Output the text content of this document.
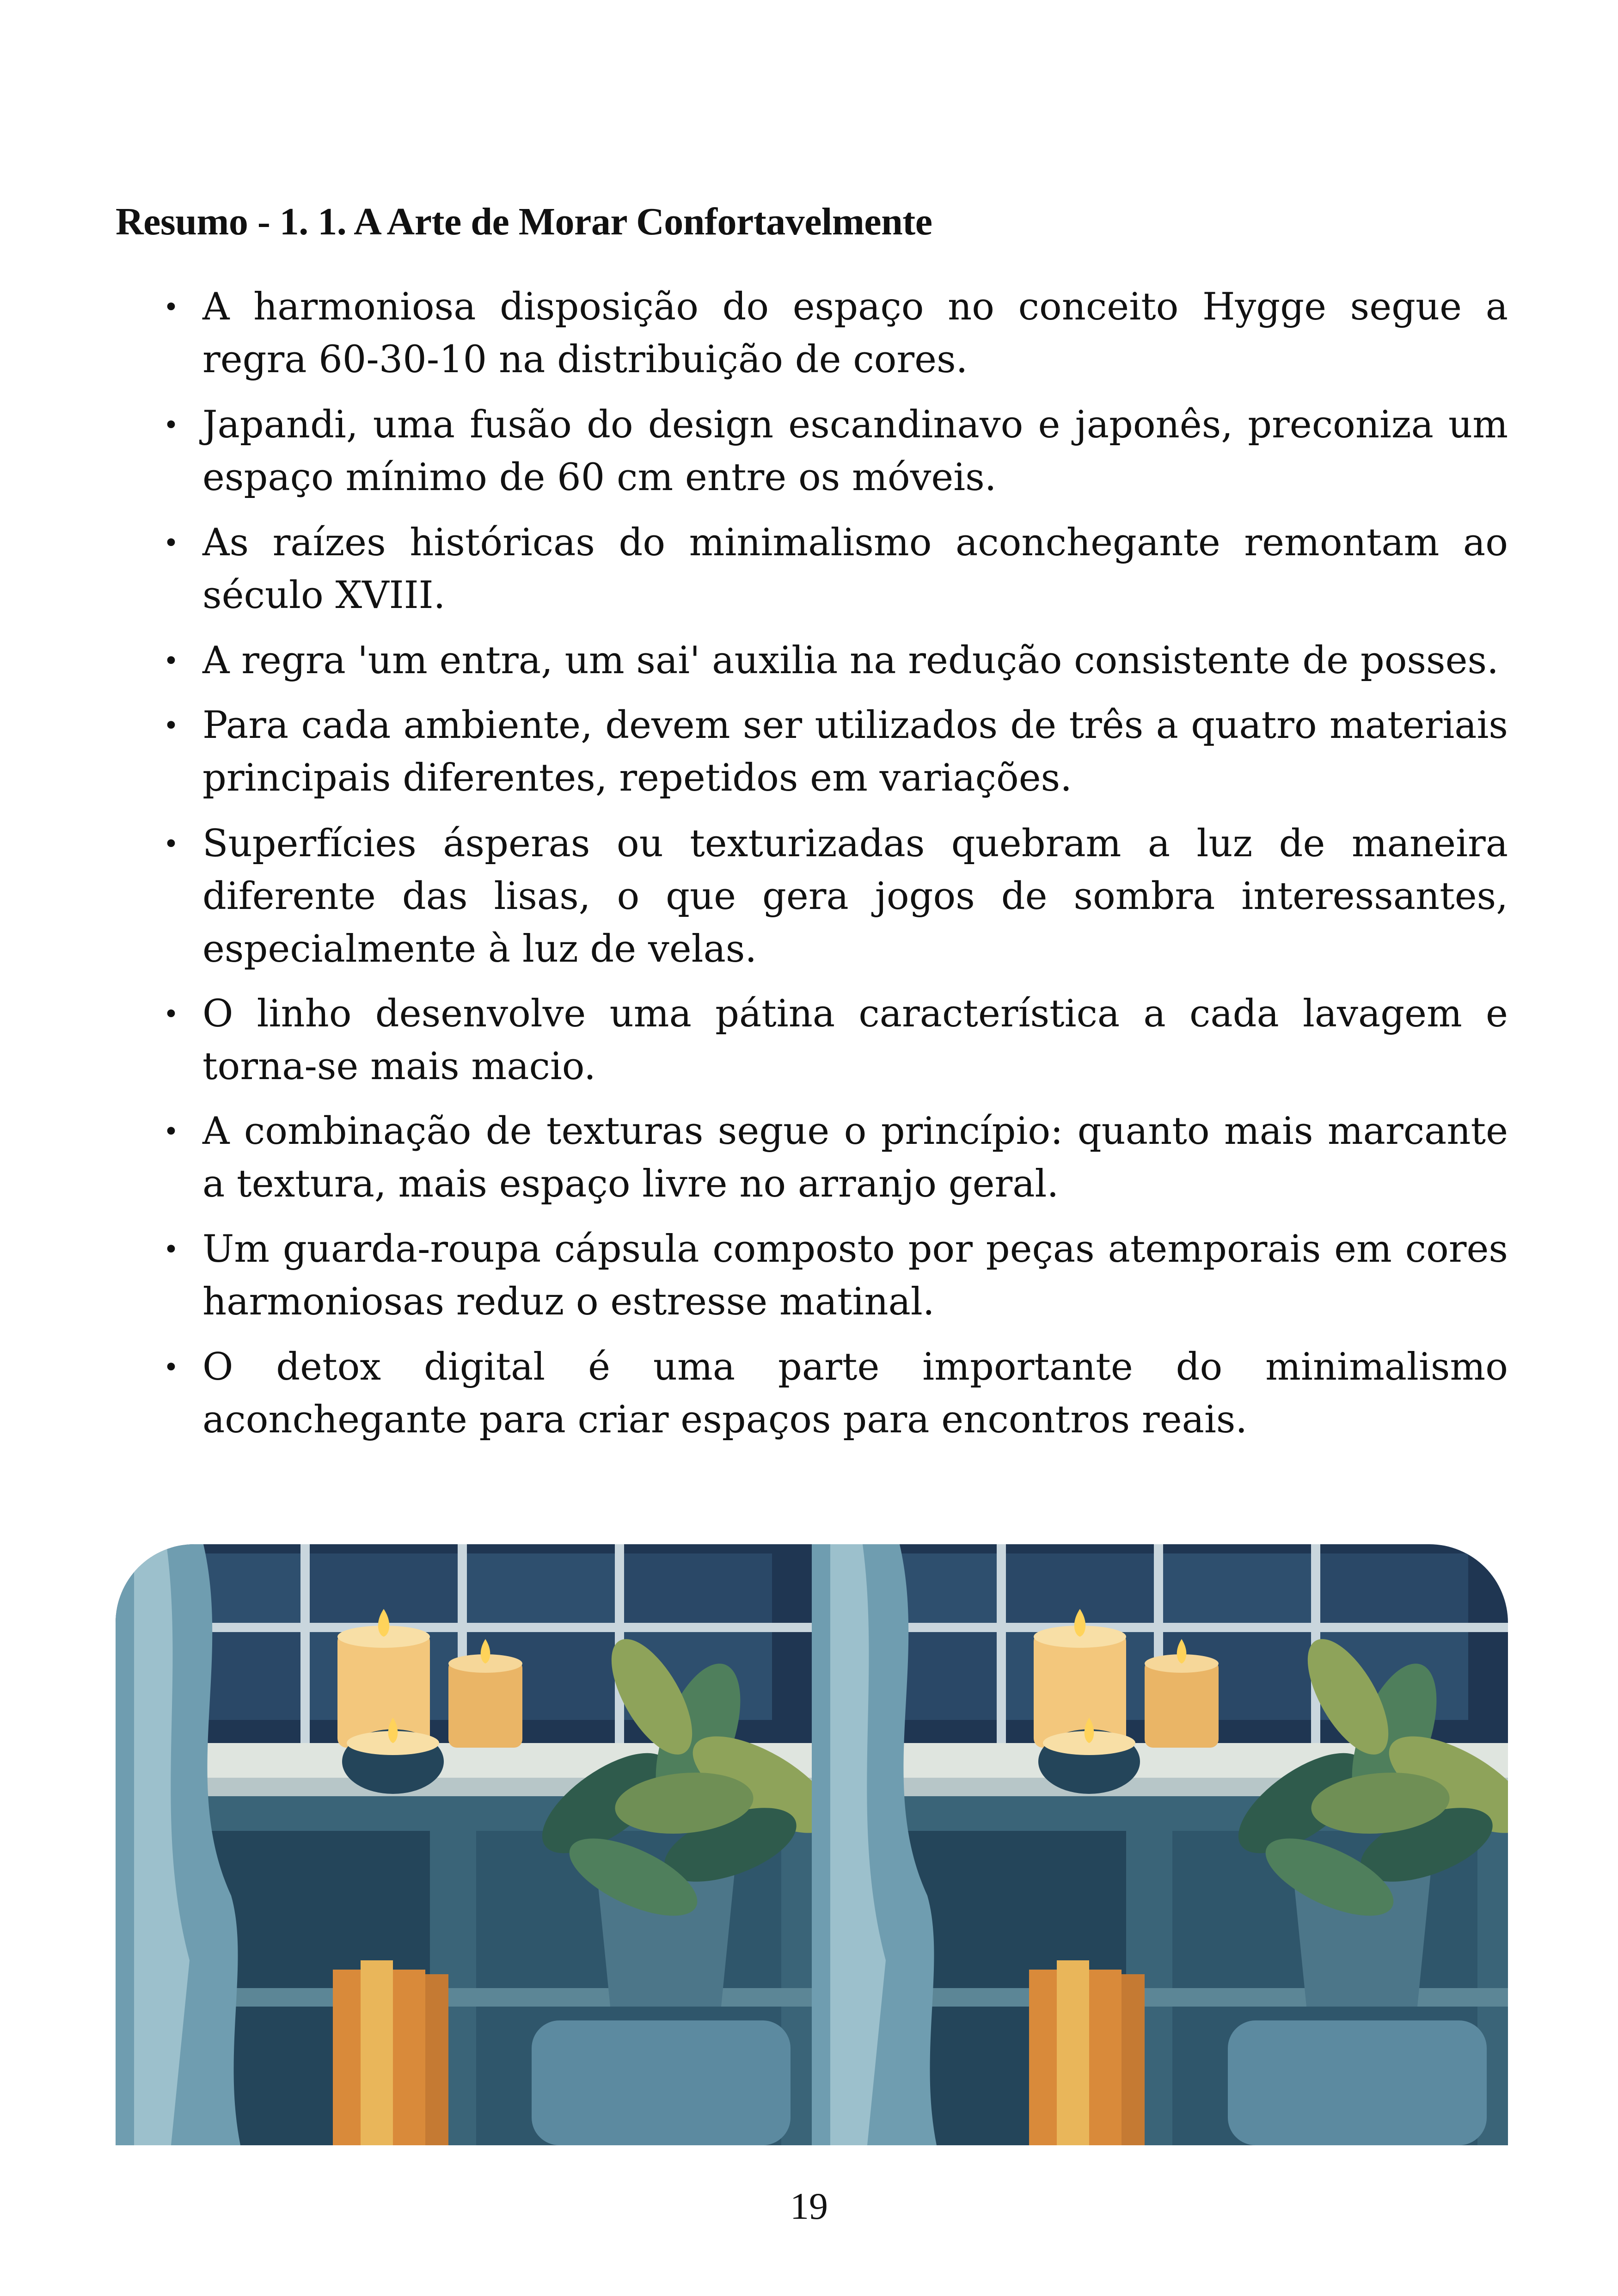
Resumo - 1. 1. A Arte de Morar Confortavelmente
A harmoniosa disposição do espaço no conceito Hygge segue a regra 60-30-10 na distribuição de cores.
Japandi, uma fusão do design escandinavo e japonês, preconiza um espaço mínimo de 60 cm entre os móveis.
As raízes históricas do minimalismo aconchegante remontam ao século XVIII.
A regra 'um entra, um sai' auxilia na redução consistente de posses.
Para cada ambiente, devem ser utilizados de três a quatro materiais principais diferentes, repetidos em variações.
Superfícies ásperas ou texturizadas quebram a luz de maneira diferente das lisas, o que gera jogos de sombra interessantes, especialmente à luz de velas.
O linho desenvolve uma pátina característica a cada lavagem e torna-se mais macio.
A combinação de texturas segue o princípio: quanto mais marcante a textura, mais espaço livre no arranjo geral.
Um guarda-roupa cápsula composto por peças atemporais em cores harmoniosas reduz o estresse matinal.
O detox digital é uma parte importante do minimalismo aconchegante para criar espaços para encontros reais.
•
•
•
•
•
•
•
•
•
•
19
